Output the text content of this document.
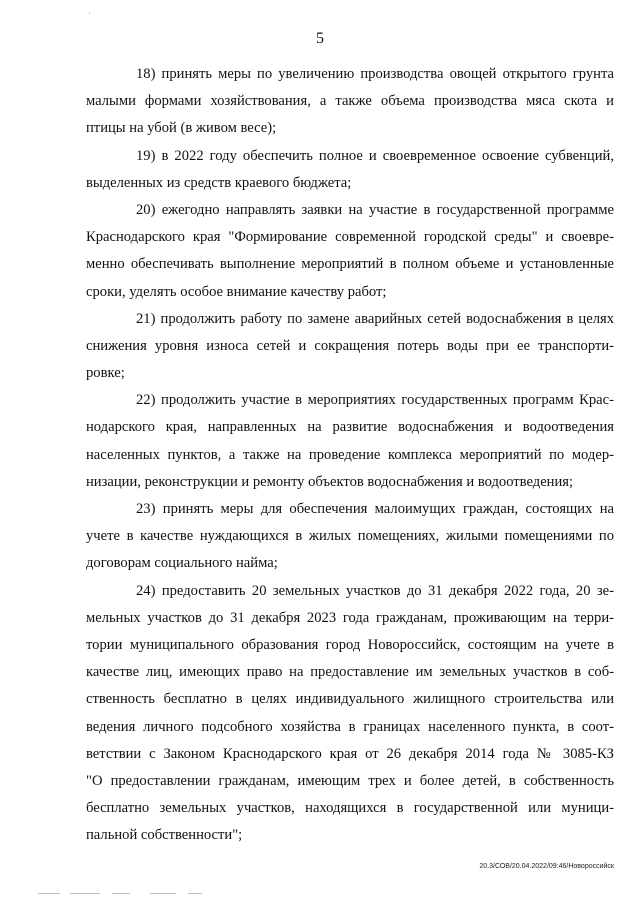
5
18) принять меры по увеличению производства овощей открытого грунта
малыми формами хозяйствования, а также объема производства мяса скота и
птицы на убой (в живом весе);
19) в 2022 году обеспечить полное и своевременное освоение субвенций,
выделенных из средств краевого бюджета;
20) ежегодно направлять заявки на участие в государственной программе
Краснодарского края "Формирование современной городской среды" и своевре-
менно обеспечивать выполнение мероприятий в полном объеме и установленные
сроки, уделять особое внимание качеству работ;
21) продолжить работу по замене аварийных сетей водоснабжения в целях
снижения уровня износа сетей и сокращения потерь воды при ее транспорти-
ровке;
22) продолжить участие в мероприятиях государственных программ Крас-
нодарского края, направленных на развитие водоснабжения и водоотведения
населенных пунктов, а также на проведение комплекса мероприятий по модер-
низации, реконструкции и ремонту объектов водоснабжения и водоотведения;
23) принять меры для обеспечения малоимущих граждан, состоящих на
учете в качестве нуждающихся в жилых помещениях, жилыми помещениями по
договорам социального найма;
24) предоставить 20 земельных участков до 31 декабря 2022 года, 20 зе-
мельных участков до 31 декабря 2023 года гражданам, проживающим на терри-
тории муниципального образования город Новороссийск, состоящим на учете в
качестве лиц, имеющих право на предоставление им земельных участков в соб-
ственность бесплатно в целях индивидуального жилищного строительства или
ведения личного подсобного хозяйства в границах населенного пункта, в соот-
ветствии с Законом Краснодарского края от 26 декабря 2014 года № 3085-КЗ
"О предоставлении гражданам, имеющим трех и более детей, в собственность
бесплатно земельных участков, находящихся в государственной или муници-
пальной собственности";
20.3/СОВ/20.04.2022/09:46/Новороссийск
